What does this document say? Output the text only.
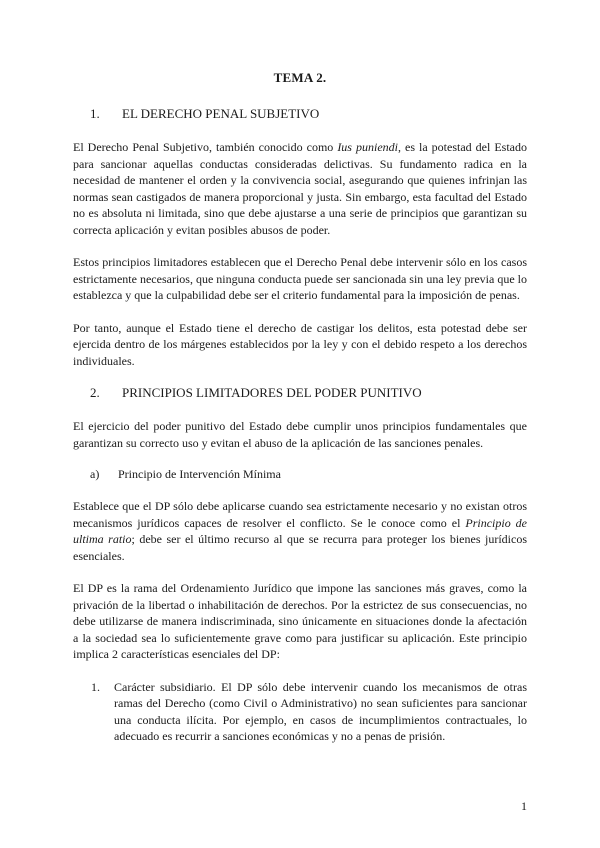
TEMA 2.
1.	EL DERECHO PENAL SUBJETIVO

El Derecho Penal Subjetivo, también conocido como Ius puniendi, es la potestad del Estado para sancionar aquellas conductas consideradas delictivas. Su fundamento radica en la necesidad de mantener el orden y la convivencia social, asegurando que quienes infrinjan las normas sean castigados de manera proporcional y justa. Sin embargo, esta facultad del Estado no es absoluta ni limitada, sino que debe ajustarse a una serie de principios que garantizan su correcta aplicación y evitan posibles abusos de poder.

Estos principios limitadores establecen que el Derecho Penal debe intervenir sólo en los casos estrictamente necesarios, que ninguna conducta puede ser sancionada sin una ley previa que lo establezca y que la culpabilidad debe ser el criterio fundamental para la imposición de penas.

Por tanto, aunque el Estado tiene el derecho de castigar los delitos, esta potestad debe ser ejercida dentro de los márgenes establecidos por la ley y con el debido respeto a los derechos individuales.

2.	PRINCIPIOS LIMITADORES DEL PODER PUNITIVO

El ejercicio del poder punitivo del Estado debe cumplir unos principios fundamentales que garantizan su correcto uso y evitan el abuso de la aplicación de las sanciones penales.

a)	Principio de Intervención Mínima

Establece que el DP sólo debe aplicarse cuando sea estrictamente necesario y no existan otros mecanismos jurídicos capaces de resolver el conflicto. Se le conoce como el Principio de ultima ratio; debe ser el último recurso al que se recurra para proteger los bienes jurídicos esenciales.

El DP es la rama del Ordenamiento Jurídico que impone las sanciones más graves, como la privación de la libertad o inhabilitación de derechos. Por la estrictez de sus consecuencias, no debe utilizarse de manera indiscriminada, sino únicamente en situaciones donde la afectación a la sociedad sea lo suficientemente grave como para justificar su aplicación. Este principio implica 2 características esenciales del DP:

1.	Carácter subsidiario. El DP sólo debe intervenir cuando los mecanismos de otras ramas del Derecho (como Civil o Administrativo) no sean suficientes para sancionar una conducta ilícita. Por ejemplo, en casos de incumplimientos contractuales, lo adecuado es recurrir a sanciones económicas y no a penas de prisión.
1
